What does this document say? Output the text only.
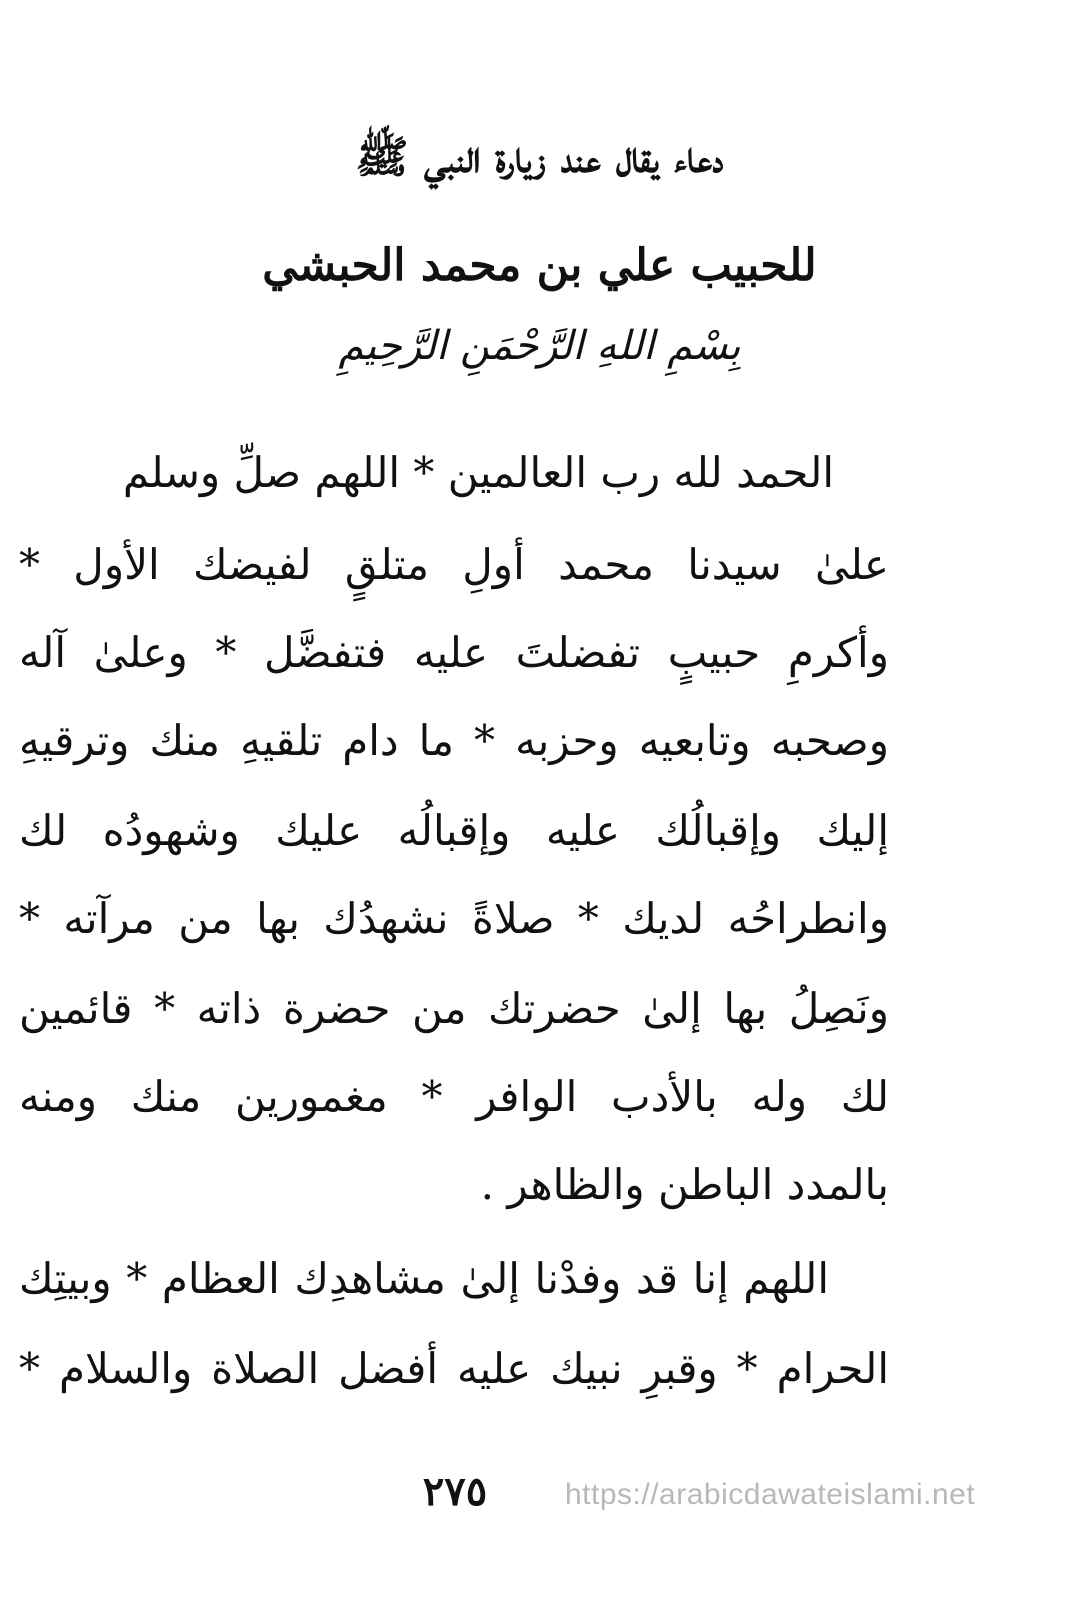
دعاء يقال عند زيارة النبي ﷺ
للحبيب علي بن محمد الحبشي
بِسْمِ اللهِ الرَّحْمَنِ الرَّحِيمِ
الحمد لله رب العالمين * اللهم صلِّ وسلم
علىٰ سيدنا محمد أولِ متلقٍ لفيضك الأول *
وأكرمِ حبيبٍ تفضلتَ عليه فتفضَّل * وعلىٰ آله
وصحبه وتابعيه وحزبه * ما دام تلقيهِ منك وترقيهِ
إليك وإقبالُك عليه وإقبالُه عليك وشهودُه لك
وانطراحُه لديك * صلاةً نشهدُك بها من مرآته *
ونَصِلُ بها إلىٰ حضرتك من حضرة ذاته * قائمين
لك وله بالأدب الوافر * مغمورين منك ومنه
بالمدد الباطن والظاهر .
اللهم إنا قد وفدْنا إلىٰ مشاهدِك العظام * وبيتِك
الحرام * وقبرِ نبيك عليه أفضل الصلاة والسلام *
٢٧٥	https://arabicdawateislami.net
